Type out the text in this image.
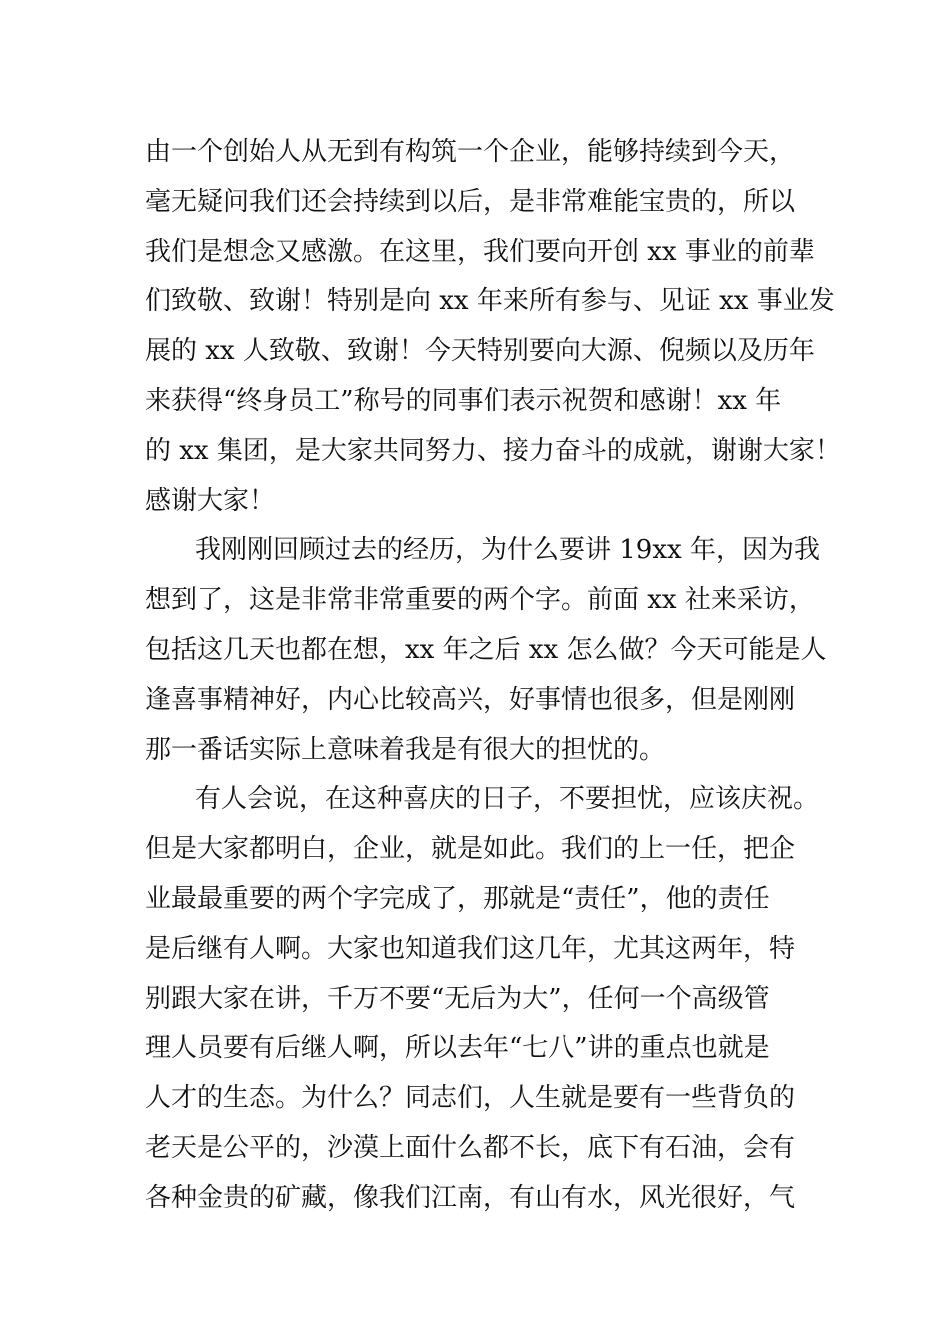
由一个创始人从无到有构筑一个企业，能够持续到今天，
毫无疑问我们还会持续到以后，是非常难能宝贵的，所以
我们是想念又感激。在这里，我们要向开创 xx 事业的前辈
们致敬、致谢！特别是向 xx 年来所有参与、见证 xx 事业发
展的 xx 人致敬、致谢！今天特别要向大源、倪频以及历年
来获得“终身员工”称号的同事们表示祝贺和感谢！xx 年
的 xx 集团，是大家共同努力、接力奋斗的成就，谢谢大家！
感谢大家！
我刚刚回顾过去的经历，为什么要讲 19xx 年，因为我
想到了，这是非常非常重要的两个字。前面 xx 社来采访，
包括这几天也都在想，xx 年之后 xx 怎么做？今天可能是人
逢喜事精神好，内心比较高兴，好事情也很多，但是刚刚
那一番话实际上意味着我是有很大的担忧的。
有人会说，在这种喜庆的日子，不要担忧，应该庆祝。
但是大家都明白，企业，就是如此。我们的上一任，把企
业最最重要的两个字完成了，那就是“责任”，他的责任
是后继有人啊。大家也知道我们这几年，尤其这两年，特
别跟大家在讲，千万不要“无后为大”，任何一个高级管
理人员要有后继人啊，所以去年“七八”讲的重点也就是
人才的生态。为什么？同志们，人生就是要有一些背负的
老天是公平的，沙漠上面什么都不长，底下有石油，会有
各种金贵的矿藏，像我们江南，有山有水，风光很好，气
